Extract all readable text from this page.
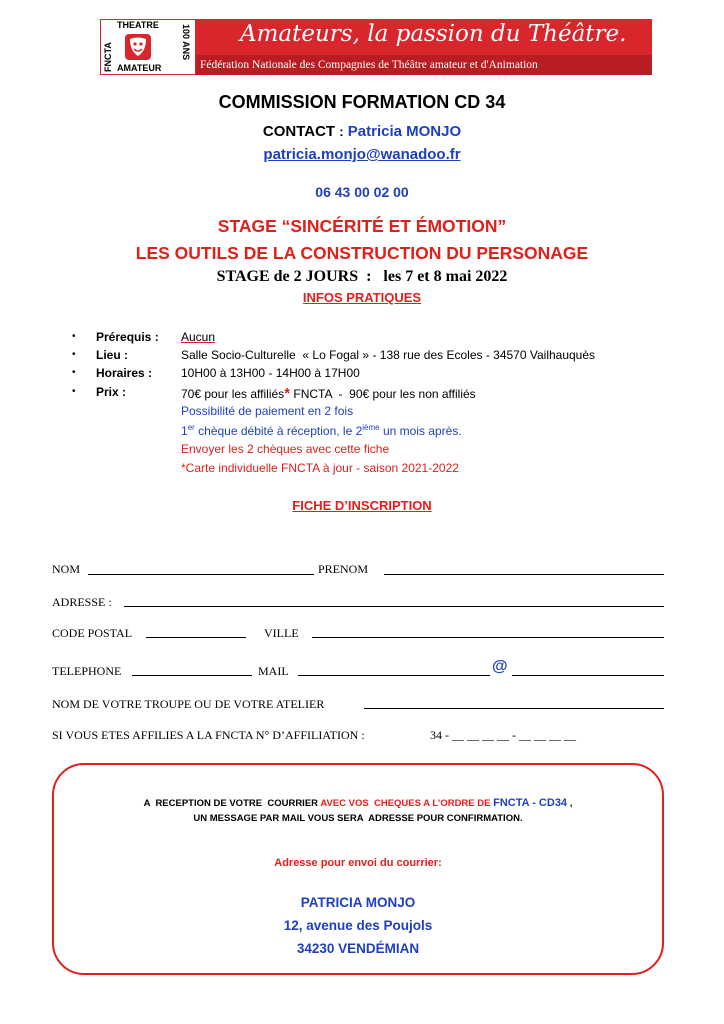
FNCTA
THEATRE
AMATEUR
100 ANS Amateurs, la passion du Théâtre.
Fédération Nationale des Compagnies de Théâtre amateur et d'Animation
COMMISSION FORMATION CD 34
CONTACT : Patricia MONJO
patricia.monjo@wanadoo.fr
06 43 00 02 00
STAGE “SINCÉRITÉ ET ÉMOTION”
LES OUTILS DE LA CONSTRUCTION DU PERSONAGE
STAGE de 2 JOURS  :   les 7 et 8 mai 2022
INFOS PRATIQUES
• Prérequis : Aucun
• Lieu :	Salle Socio-Culturelle  « Lo Fogal » - 138 rue des Ecoles - 34570 Vailhauquès
• Horaires : 10H00 à 13H00 - 14H00 à 17H00
• Prix :	70€ pour les affiliés* FNCTA  -  90€ pour les non affiliés
Possibilité de paiement en 2 fois
1er chèque débité à réception, le 2ième un mois après.
Envoyer les 2 chèques avec cette fiche
*Carte individuelle FNCTA à jour - saison 2021-2022
FICHE D’INSCRIPTION
NOM	PRENOM
ADRESSE :
CODE POSTAL	VILLE
TELEPHONE	MAIL	@
NOM DE VOTRE TROUPE OU DE VOTRE ATELIER
SI VOUS ETES AFFILIES A LA FNCTA N° D’AFFILIATION :	34 - __ __ __ __ - __ __ __ __
A  RECEPTION DE VOTRE  COURRIER AVEC VOS  CHEQUES A L’ORDRE DE FNCTA - CD34 ,
UN MESSAGE PAR MAIL VOUS SERA  ADRESSE POUR CONFIRMATION.
Adresse pour envoi du courrier:
PATRICIA MONJO
12, avenue des Poujols
34230 VENDÉMIAN
